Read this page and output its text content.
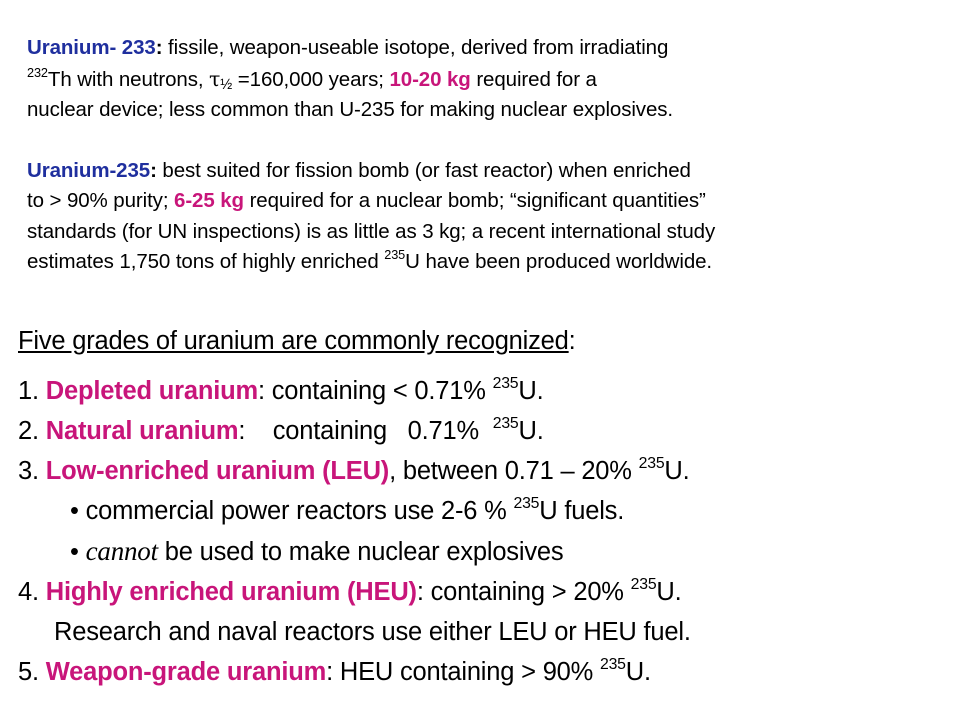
Uranium- 233: fissile, weapon-useable isotope, derived from irradiating

$^{232}$Th with neutrons, $\tau_{\frac{1}{2}} =160,000$ years; 10-20 kg required for a

nuclear device; less common than U-235 for making nuclear explosives.

Uranium-235: best suited for fission bomb (or fast reactor) when enriched

to > 90% purity; 6-25 kg required for a nuclear bomb; “significant quantities”

standards (for UN inspections) is as little as 3 kg; a recent international study

estimates 1,750 tons of highly enriched $^{235}$U have been produced worldwide.

Five grades of uranium are commonly recognized:
1. Depleted uranium: containing < 0.71% $^{235}$U.
2. Natural uranium:    containing   0.71%  $^{235}$U.
3. Low-enriched uranium (LEU), between 0.71 – 20% $^{235}$U.
• commercial power reactors use 2-6 % $^{235}$U fuels.
• cannot be used to make nuclear explosives
4. Highly enriched uranium (HEU): containing > 20% $^{235}$U.
Research and naval reactors use either LEU or HEU fuel.
5. Weapon-grade uranium: HEU containing > 90% $^{235}$U.
